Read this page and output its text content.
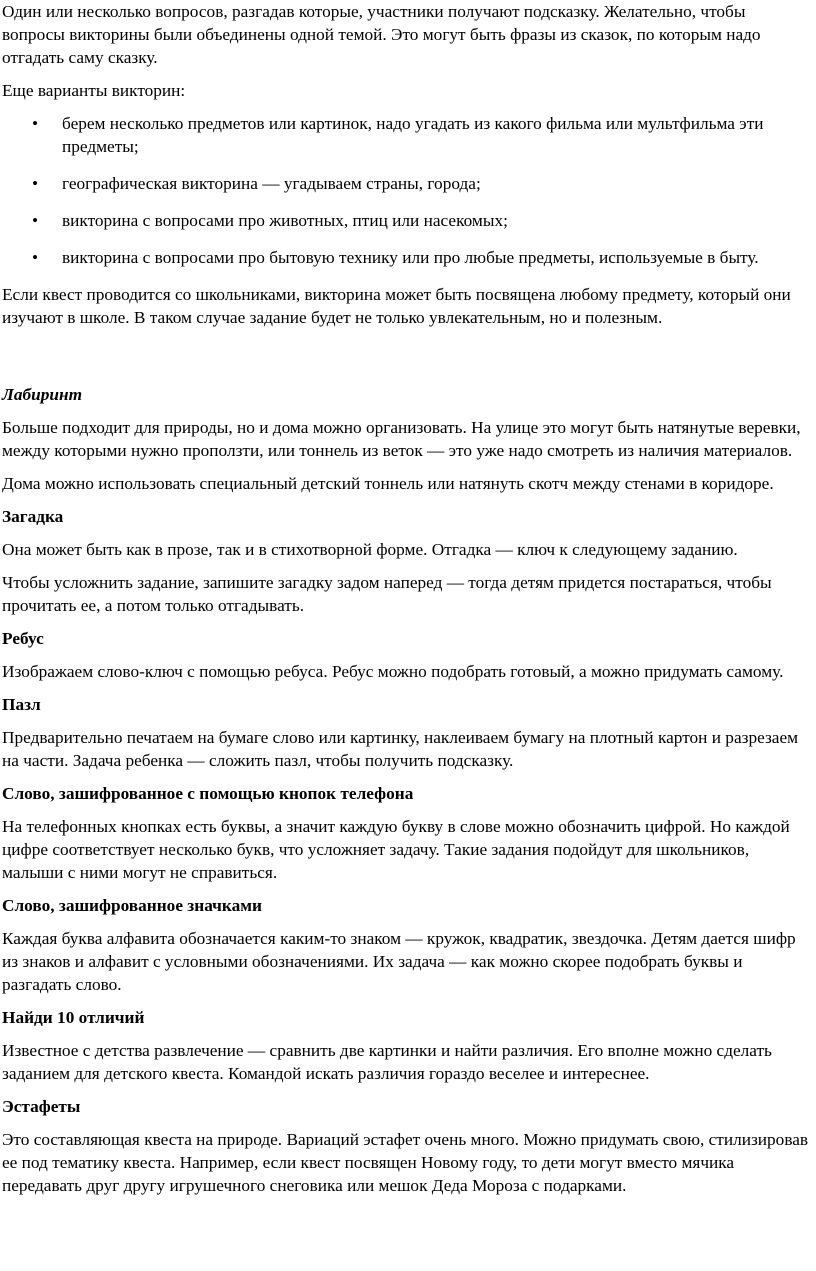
Один или несколько вопросов, разгадав которые, участники получают подсказку. Желательно, чтобы вопросы викторины были объединены одной темой. Это могут быть фразы из сказок, по которым надо отгадать саму сказку.

Еще варианты викторин:

• берем несколько предметов или картинок, надо угадать из какого фильма или мультфильма эти предметы;
• географическая викторина — угадываем страны, города;
• викторина с вопросами про животных, птиц или насекомых;
• викторина с вопросами про бытовую технику или про любые предметы, используемые в быту.

Если квест проводится со школьниками, викторина может быть посвящена любому предмету, который они изучают в школе. В таком случае задание будет не только увлекательным, но и полезным.

Лабиринт

Больше подходит для природы, но и дома можно организовать. На улице это могут быть натянутые веревки, между которыми нужно проползти, или тоннель из веток — это уже надо смотреть из наличия материалов.

Дома можно использовать специальный детский тоннель или натянуть скотч между стенами в коридоре.

Загадка

Она может быть как в прозе, так и в стихотворной форме. Отгадка — ключ к следующему заданию.

Чтобы усложнить задание, запишите загадку задом наперед — тогда детям придется постараться, чтобы прочитать ее, а потом только отгадывать.

Ребус

Изображаем слово-ключ с помощью ребуса. Ребус можно подобрать готовый, а можно придумать самому.

Пазл

Предварительно печатаем на бумаге слово или картинку, наклеиваем бумагу на плотный картон и разрезаем на части. Задача ребенка — сложить пазл, чтобы получить подсказку.

Слово, зашифрованное с помощью кнопок телефона

На телефонных кнопках есть буквы, а значит каждую букву в слове можно обозначить цифрой. Но каждой цифре соответствует несколько букв, что усложняет задачу. Такие задания подойдут для школьников, малыши с ними могут не справиться.

Слово, зашифрованное значками

Каждая буква алфавита обозначается каким-то знаком — кружок, квадратик, звездочка. Детям дается шифр из знаков и алфавит с условными обозначениями. Их задача — как можно скорее подобрать буквы и разгадать слово.

Найди 10 отличий

Известное с детства развлечение — сравнить две картинки и найти различия. Его вполне можно сделать заданием для детского квеста. Командой искать различия гораздо веселее и интереснее.

Эстафеты

Это составляющая квеста на природе. Вариаций эстафет очень много. Можно придумать свою, стилизировав ее под тематику квеста. Например, если квест посвящен Новому году, то дети могут вместо мячика передавать друг другу игрушечного снеговика или мешок Деда Мороза с подарками.
